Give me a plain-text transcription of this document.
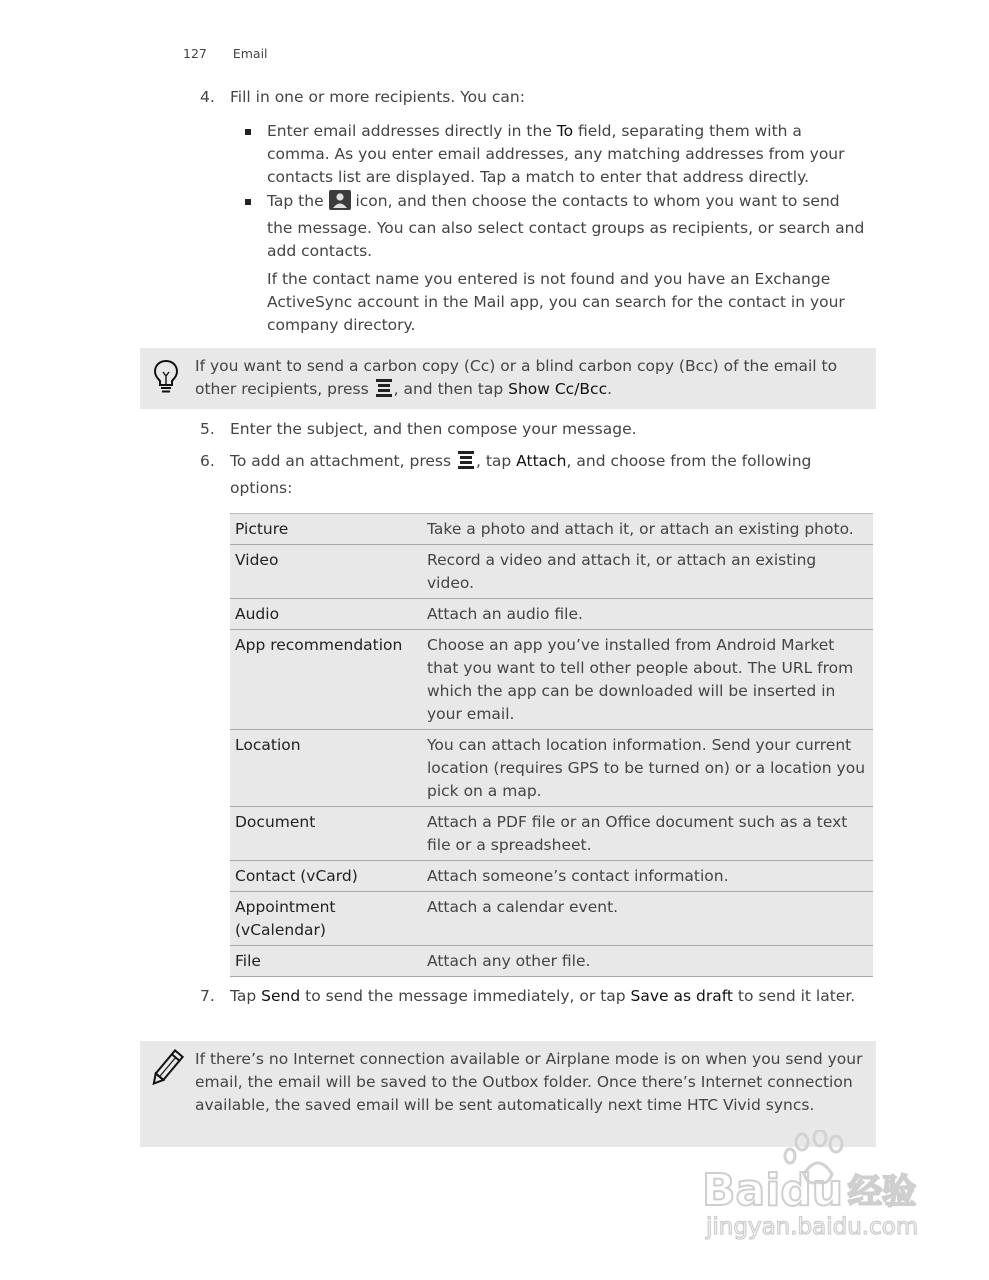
127 Email
4. Fill in one or more recipients. You can:
Enter email addresses directly in the To field, separating them with a comma. As you enter email addresses, any matching addresses from your contacts list are displayed. Tap a match to enter that address directly.
Tap the  icon, and then choose the contacts to whom you want to send the message. You can also select contact groups as recipients, or search and add contacts.
If the contact name you entered is not found and you have an Exchange ActiveSync account in the Mail app, you can search for the contact in your company directory.
If you want to send a carbon copy (Cc) or a blind carbon copy (Bcc) of the email to other recipients, press , and then tap Show Cc/Bcc.
5. Enter the subject, and then compose your message.
6. To add an attachment, press , tap Attach, and choose from the following options:
Picture	Take a photo and attach it, or attach an existing photo.
Video	Record a video and attach it, or attach an existing video.
Audio	Attach an audio file.
App recommendation	Choose an app you’ve installed from Android Market that you want to tell other people about. The URL from which the app can be downloaded will be inserted in your email.
Location	You can attach location information. Send your current location (requires GPS to be turned on) or a location you pick on a map.
Document	Attach a PDF file or an Office document such as a text file or a spreadsheet.
Contact (vCard)	Attach someone’s contact information.
Appointment (vCalendar)	Attach a calendar event.
File	Attach any other file.
7. Tap Send to send the message immediately, or tap Save as draft to send it later.
If there’s no Internet connection available or Airplane mode is on when you send your email, the email will be saved to the Outbox folder. Once there’s Internet connection available, the saved email will be sent automatically next time HTC Vivid syncs.
Baidu 经验
jingyan.baidu.com
